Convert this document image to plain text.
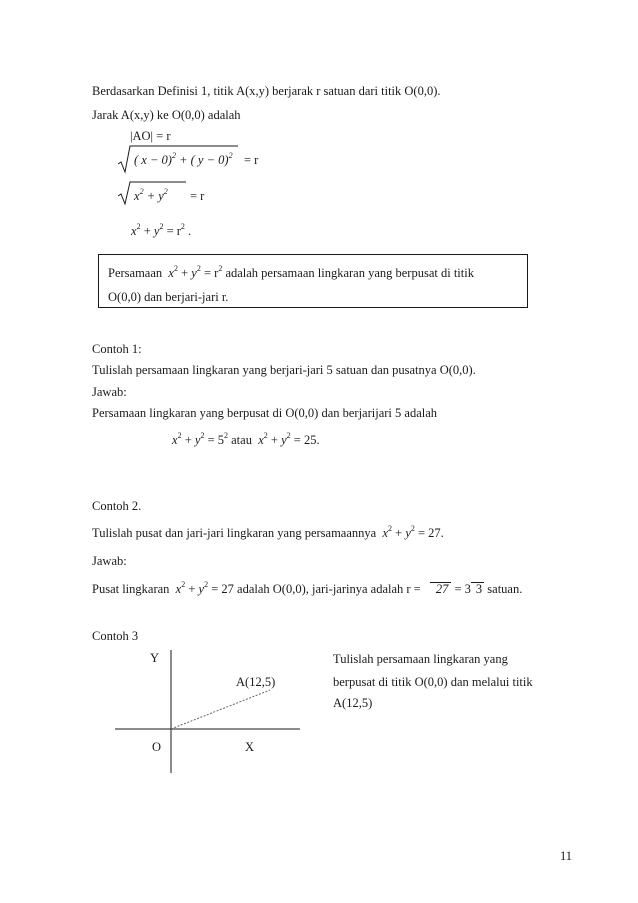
Berdasarkan Definisi 1, titik A(x,y) berjarak r satuan dari titik O(0,0).
Jarak A(x,y) ke O(0,0) adalah
|AO| = r
( x − 0)$^2$ + ( y − 0)$^2$ = r
$x^2 + y^2 = r$
$x^2 + y^2 = r^2$ .
Persamaan  $x^2 + y^2 = r^2$ adalah persamaan lingkaran yang berpusat di titik
O(0,0) dan berjari-jari r.
Contoh 1:
Tulislah persamaan lingkaran yang berjari-jari 5 satuan dan pusatnya O(0,0).
Jawab:
Persamaan lingkaran yang berpusat di O(0,0) dan berjarijari 5 adalah
$x^2 + y^2 = 5^2$ atau  $x^2 + y^2 = 25$.
Contoh 2.
Tulislah pusat dan jari-jari lingkaran yang persamaannya  $x^2 + y^2 = 27$.
Jawab:
Pusat lingkaran  $x^2 + y^2 = 27$ adalah O(0,0), jari-jarinya adalah r = 27 = 3 3 satuan.
Contoh 3
Y
O	X
A(12,5)
Tulislah persamaan lingkaran yang
berpusat di titik O(0,0) dan melalui titik
A(12,5)
11
